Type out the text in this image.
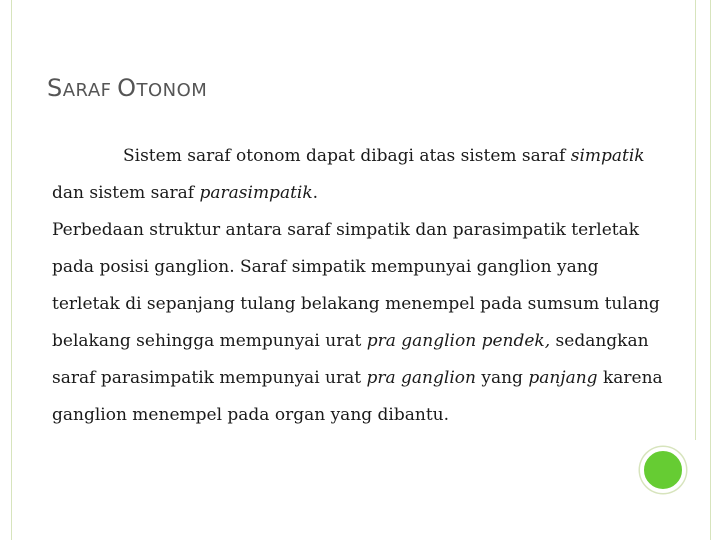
SARAF OTONOM
Sistem saraf otonom dapat dibagi atas sistem saraf simpatik
dan sistem saraf parasimpatik.
Perbedaan struktur antara saraf simpatik dan parasimpatik terletak
pada posisi ganglion. Saraf simpatik mempunyai ganglion yang
terletak di sepanjang tulang belakang menempel pada sumsum tulang
belakang sehingga mempunyai urat pra ganglion pendek, sedangkan
saraf parasimpatik mempunyai urat pra ganglion yang panjang karena
ganglion menempel pada organ yang dibantu.
